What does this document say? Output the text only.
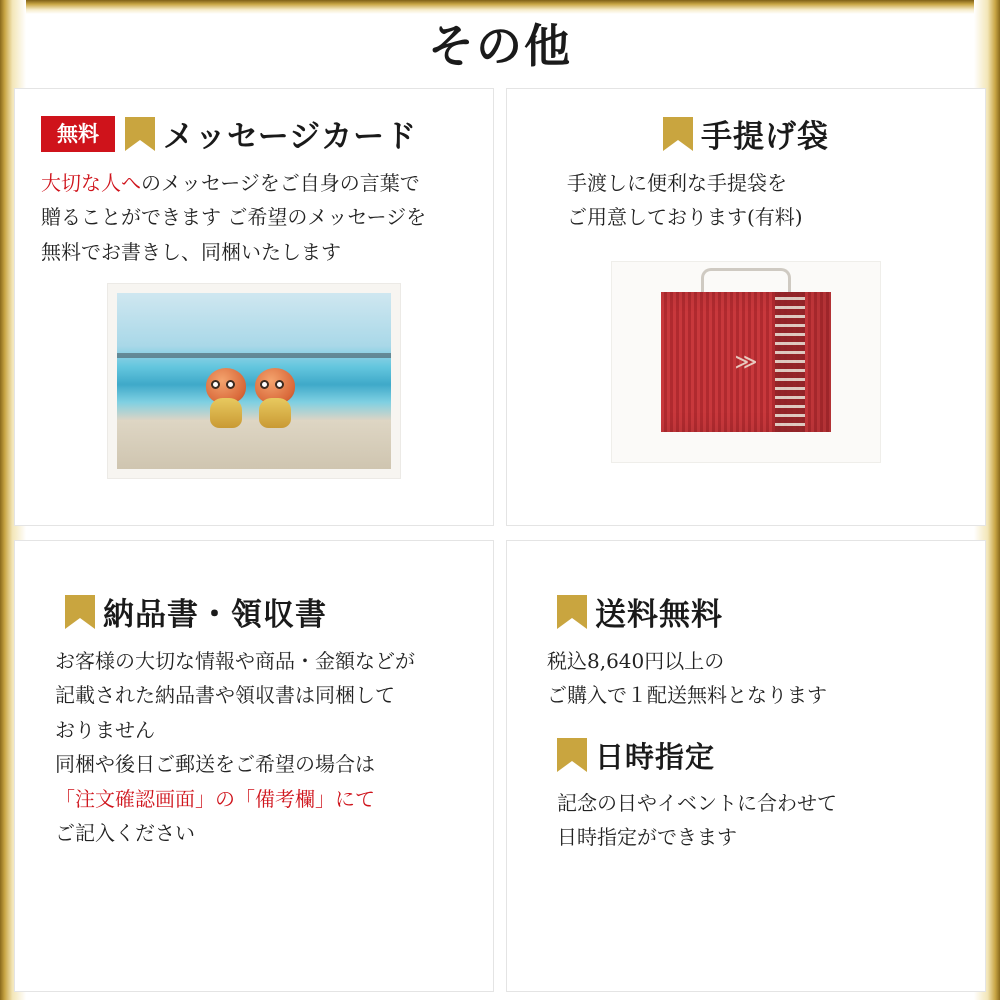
その他
無料	メッセージカード
大切な人へのメッセージをご自身の言葉で
贈ることができます ご希望のメッセージを
無料でお書きし、同梱いたします
手提げ袋
手渡しに便利な手提袋を
ご用意しております(有料)
≫
納品書・領収書
お客様の大切な情報や商品・金額などが
記載された納品書や領収書は同梱して
おりません
同梱や後日ご郵送をご希望の場合は
「注文確認画面」の「備考欄」にて
ご記入ください
送料無料
税込8,640円以上の
ご購入で１配送無料となります
日時指定
記念の日やイベントに合わせて
日時指定ができます
